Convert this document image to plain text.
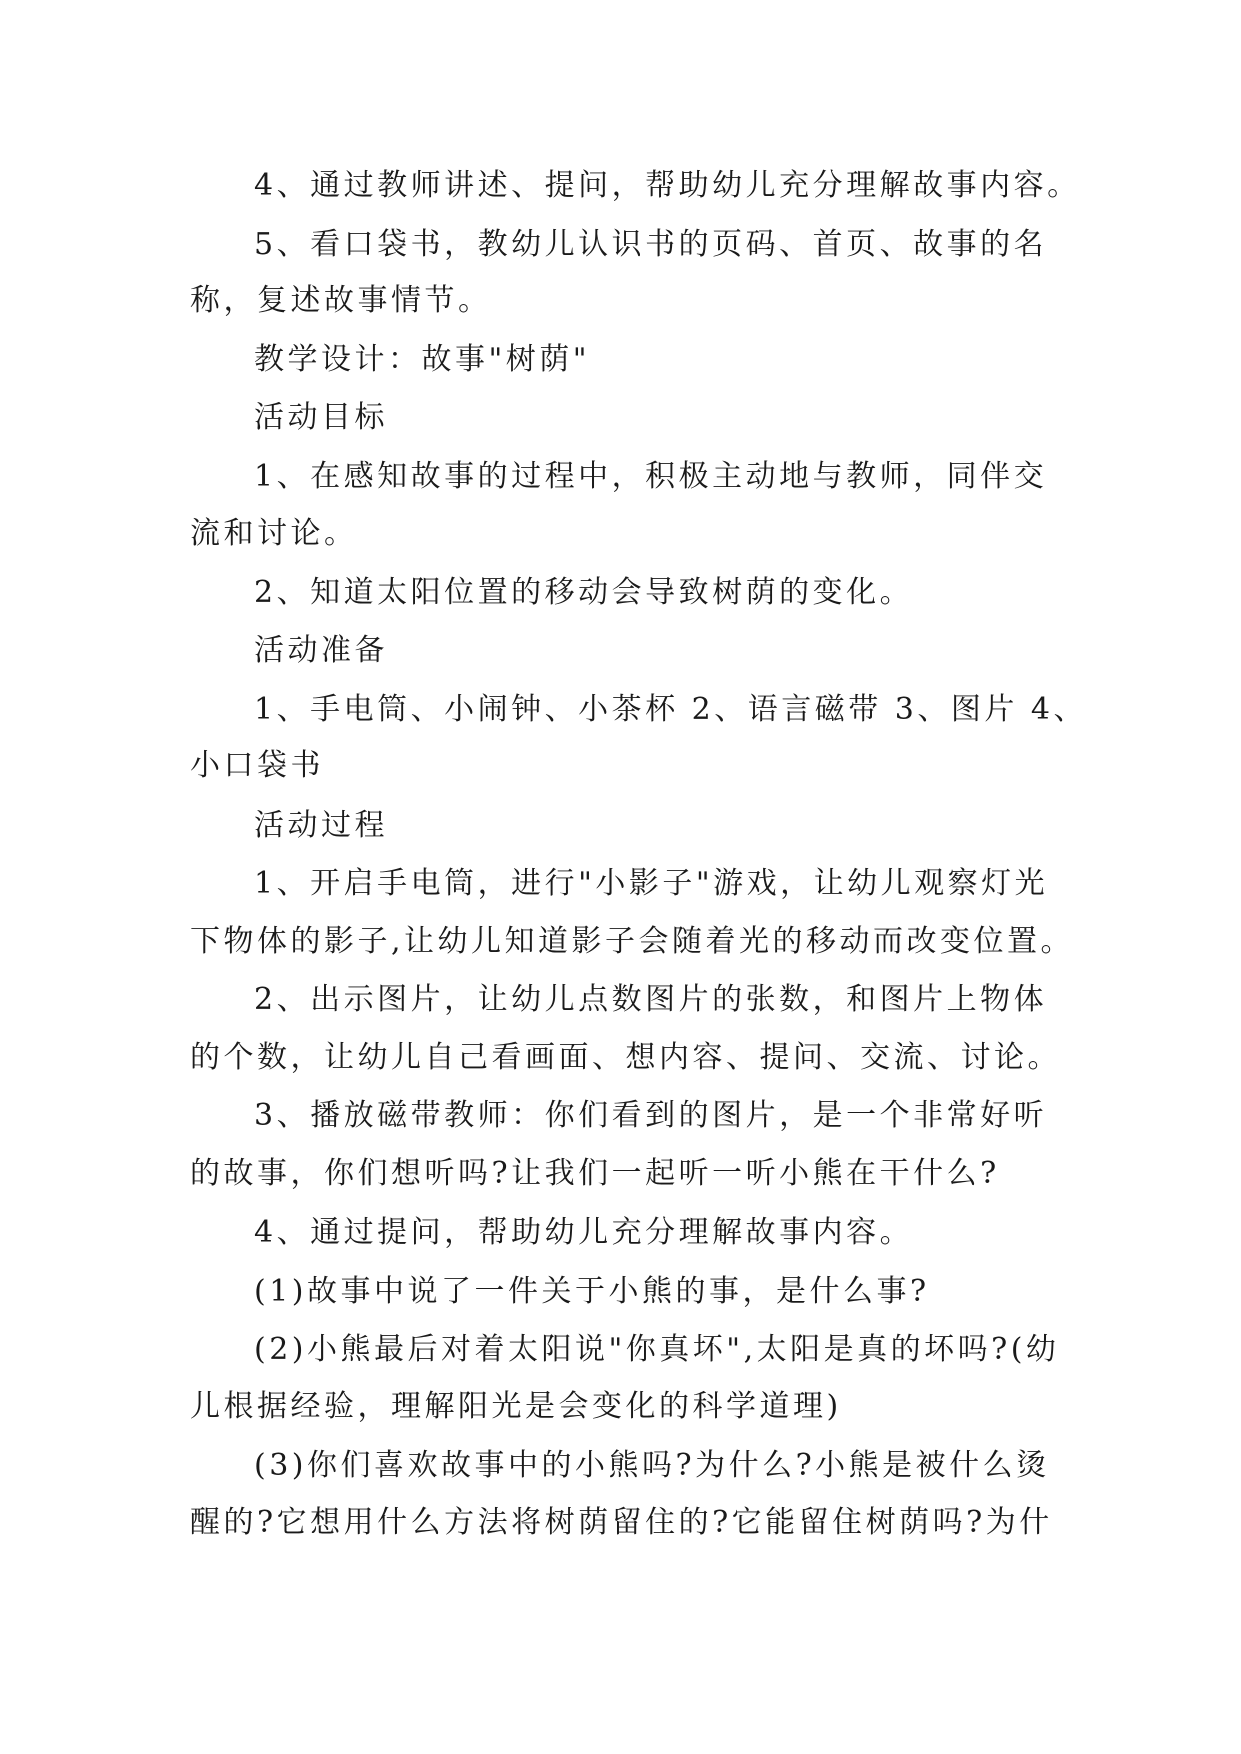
4、通过教师讲述、提问，帮助幼儿充分理解故事内容。
5、看口袋书，教幼儿认识书的页码、首页、故事的名
称，复述故事情节。
教学设计：故事"树荫"
活动目标
1、在感知故事的过程中，积极主动地与教师，同伴交
流和讨论。
2、知道太阳位置的移动会导致树荫的变化。
活动准备
1、手电筒、小闹钟、小茶杯 2、语言磁带 3、图片 4、
小口袋书
活动过程
1、开启手电筒，进行"小影子"游戏，让幼儿观察灯光
下物体的影子,让幼儿知道影子会随着光的移动而改变位置。
2、出示图片，让幼儿点数图片的张数，和图片上物体
的个数，让幼儿自己看画面、想内容、提问、交流、讨论。
3、播放磁带教师：你们看到的图片，是一个非常好听
的故事，你们想听吗?让我们一起听一听小熊在干什么?
4、通过提问，帮助幼儿充分理解故事内容。
(1)故事中说了一件关于小熊的事，是什么事?
(2)小熊最后对着太阳说"你真坏",太阳是真的坏吗?(幼
儿根据经验，理解阳光是会变化的科学道理)
(3)你们喜欢故事中的小熊吗?为什么?小熊是被什么烫
醒的?它想用什么方法将树荫留住的?它能留住树荫吗?为什
